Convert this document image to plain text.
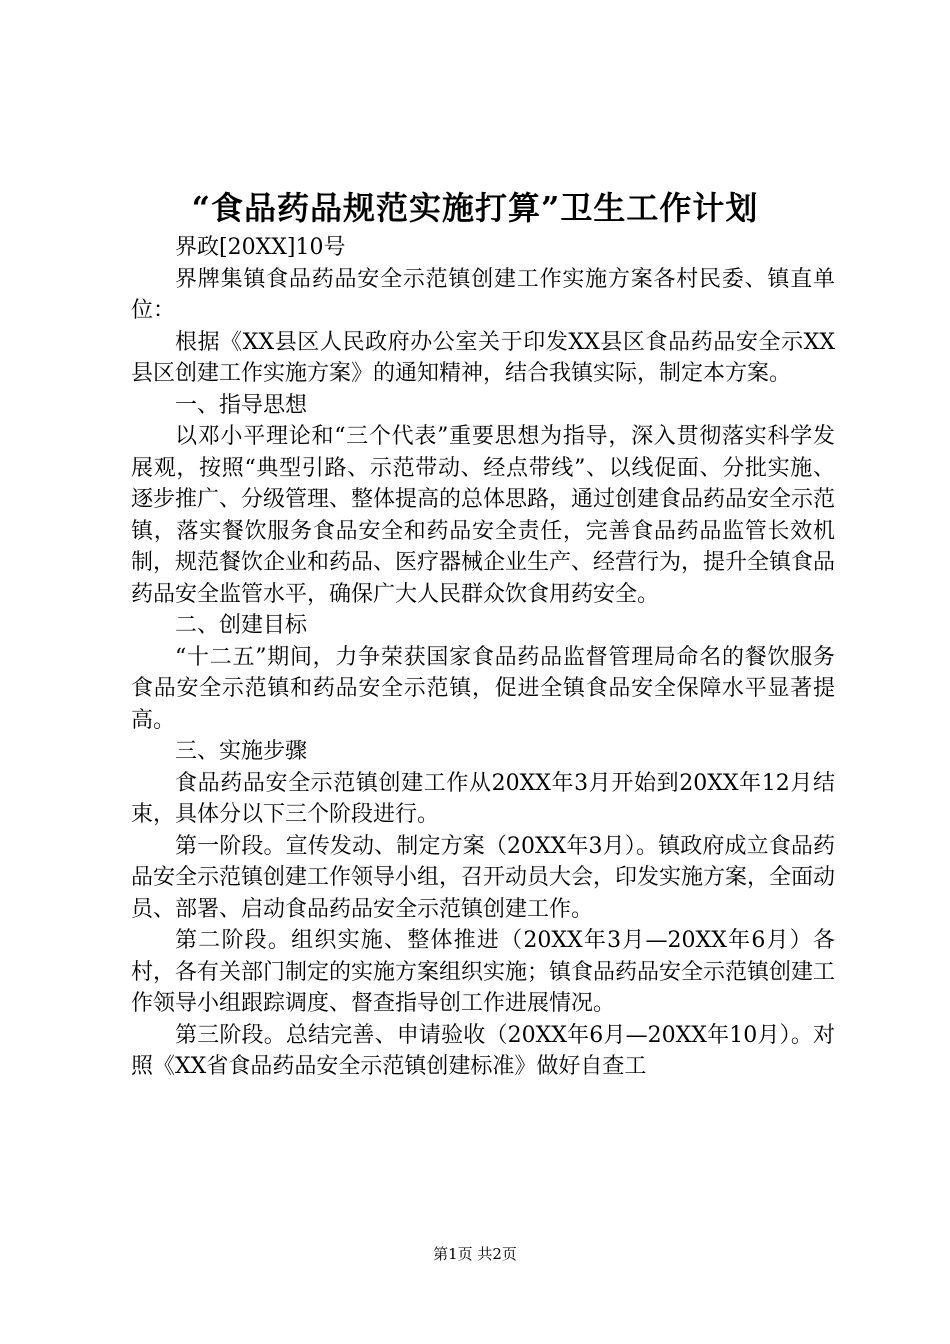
“食品药品规范实施打算”卫生工作计划

界政[20XX]10号

界牌集镇食品药品安全示范镇创建工作实施方案各村民委、镇直单位：

根据《XX县区人民政府办公室关于印发XX县区食品药品安全示XX县区创建工作实施方案》的通知精神，结合我镇实际，制定本方案。

一、指导思想

以邓小平理论和“三个代表”重要思想为指导，深入贯彻落实科学发展观，按照“典型引路、示范带动、经点带线”、以线促面、分批实施、逐步推广、分级管理、整体提高的总体思路，通过创建食品药品安全示范镇，落实餐饮服务食品安全和药品安全责任，完善食品药品监管长效机制，规范餐饮企业和药品、医疗器械企业生产、经营行为，提升全镇食品药品安全监管水平，确保广大人民群众饮食用药安全。

二、创建目标

“十二五”期间，力争荣获国家食品药品监督管理局命名的餐饮服务食品安全示范镇和药品安全示范镇，促进全镇食品安全保障水平显著提高。

三、实施步骤

食品药品安全示范镇创建工作从20XX年3月开始到20XX年12月结束，具体分以下三个阶段进行。

第一阶段。宣传发动、制定方案（20XX年3月）。镇政府成立食品药品安全示范镇创建工作领导小组，召开动员大会，印发实施方案，全面动员、部署、启动食品药品安全示范镇创建工作。

第二阶段。组织实施、整体推进（20XX年3月—20XX年6月）各村，各有关部门制定的实施方案组织实施；镇食品药品安全示范镇创建工作领导小组跟踪调度、督查指导创工作进展情况。

第三阶段。总结完善、申请验收（20XX年6月—20XX年10月）。对照《XX省食品药品安全示范镇创建标准》做好自查工

第1页 共2页
